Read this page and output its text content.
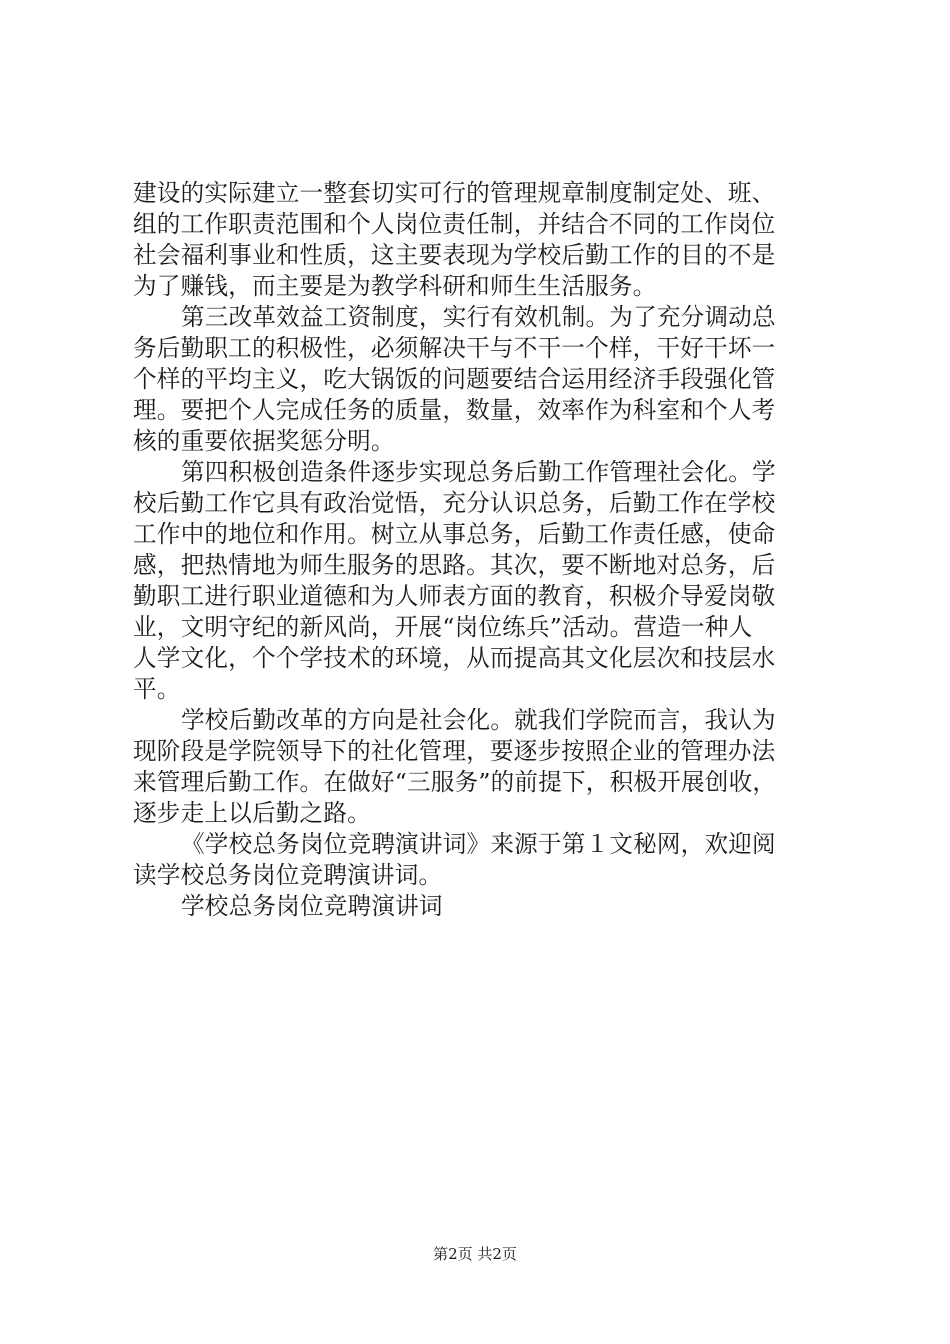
建设的实际建立一整套切实可行的管理规章制度制定处、班、
组的工作职责范围和个人岗位责任制，并结合不同的工作岗位
社会福利事业和性质，这主要表现为学校后勤工作的目的不是
为了赚钱，而主要是为教学科研和师生生活服务。
第三改革效益工资制度，实行有效机制。为了充分调动总
务后勤职工的积极性，必须解决干与不干一个样，干好干坏一
个样的平均主义，吃大锅饭的问题要结合运用经济手段强化管
理。要把个人完成任务的质量，数量，效率作为科室和个人考
核的重要依据奖惩分明。
第四积极创造条件逐步实现总务后勤工作管理社会化。学
校后勤工作它具有政治觉悟，充分认识总务，后勤工作在学校
工作中的地位和作用。树立从事总务，后勤工作责任感，使命
感，把热情地为师生服务的思路。其次，要不断地对总务，后
勤职工进行职业道德和为人师表方面的教育，积极介导爱岗敬
业，文明守纪的新风尚，开展“岗位练兵”活动。营造一种人
人学文化，个个学技术的环境，从而提高其文化层次和技层水
平。
学校后勤改革的方向是社会化。就我们学院而言，我认为
现阶段是学院领导下的社化管理，要逐步按照企业的管理办法
来管理后勤工作。在做好“三服务”的前提下，积极开展创收，
逐步走上以后勤之路。
《学校总务岗位竞聘演讲词》来源于第１文秘网，欢迎阅
读学校总务岗位竞聘演讲词。
学校总务岗位竞聘演讲词
第2页 共2页
